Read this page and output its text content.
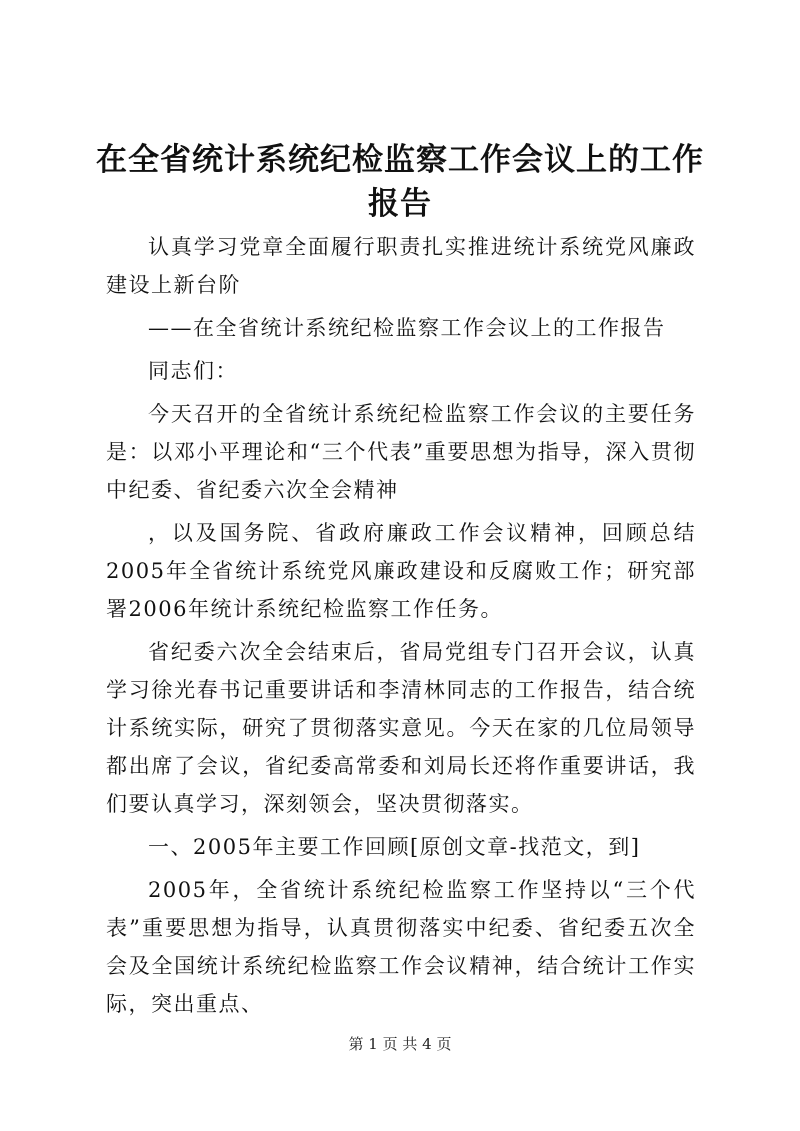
在全省统计系统纪检监察工作会议上的工作报告

认真学习党章全面履行职责扎实推进统计系统党风廉政建设上新台阶

——在全省统计系统纪检监察工作会议上的工作报告

同志们：

今天召开的全省统计系统纪检监察工作会议的主要任务是：以邓小平理论和“三个代表”重要思想为指导，深入贯彻中纪委、省纪委六次全会精神

，以及国务院、省政府廉政工作会议精神，回顾总结2005年全省统计系统党风廉政建设和反腐败工作；研究部署2006年统计系统纪检监察工作任务。

省纪委六次全会结束后，省局党组专门召开会议，认真学习徐光春书记重要讲话和李清林同志的工作报告，结合统计系统实际，研究了贯彻落实意见。今天在家的几位局领导都出席了会议，省纪委高常委和刘局长还将作重要讲话，我们要认真学习，深刻领会，坚决贯彻落实。

一、2005年主要工作回顾[原创文章-找范文，到]

2005年，全省统计系统纪检监察工作坚持以“三个代表”重要思想为指导，认真贯彻落实中纪委、省纪委五次全会及全国统计系统纪检监察工作会议精神，结合统计工作实际，突出重点、

第 1 页 共 4 页
